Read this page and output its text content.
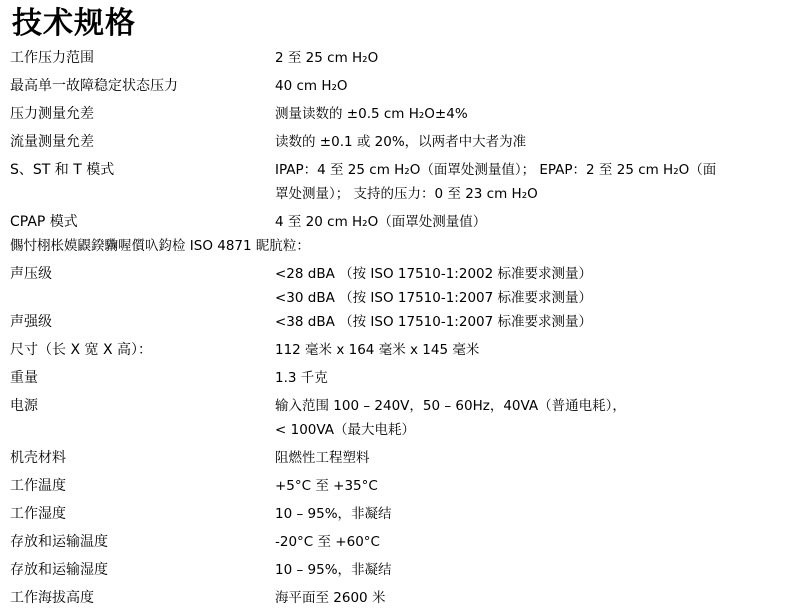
技术规格
工作压力范围	2 至 25 cm H₂O
最高单一故障稳定状态压力	40 cm H₂O
压力测量允差	测量读数的 ±0.5 cm H₂O±4%
流量测量允差	读数的 ±0.1 或 20%，以两者中大者为准
S、ST 和 T 模式	IPAP：4 至 25 cm H₂O（面罩处测量值）； EPAP：2 至 25 cm H₂O（面
罩处测量）； 支持的压力：0 至 23 cm H₂O
CPAP 模式	4 至 20 cm H₂O（面罩处测量值）
儩忖栩枨嫫鼳鍨驧喔儨叺鈞检 ISO 4871 眤肮粒：
声压级	<28 dBA （按 ISO 17510-1:2002 标准要求测量）
<30 dBA （按 ISO 17510-1:2007 标准要求测量）
声强级	<38 dBA （按 ISO 17510-1:2007 标准要求测量）
尺寸（长 X 宽 X 高）：	112 毫米 x 164 毫米 x 145 毫米
重量	1.3 千克
电源	输入范围 100 – 240V，50 – 60Hz，40VA（普通电耗），
< 100VA（最大电耗）
机壳材料	阻燃性工程塑料
工作温度	+5°C 至 +35°C
工作湿度	10 – 95%，非凝结
存放和运输温度	-20°C 至 +60°C
存放和运输湿度	10 – 95%，非凝结
工作海拔高度	海平面至 2600 米
